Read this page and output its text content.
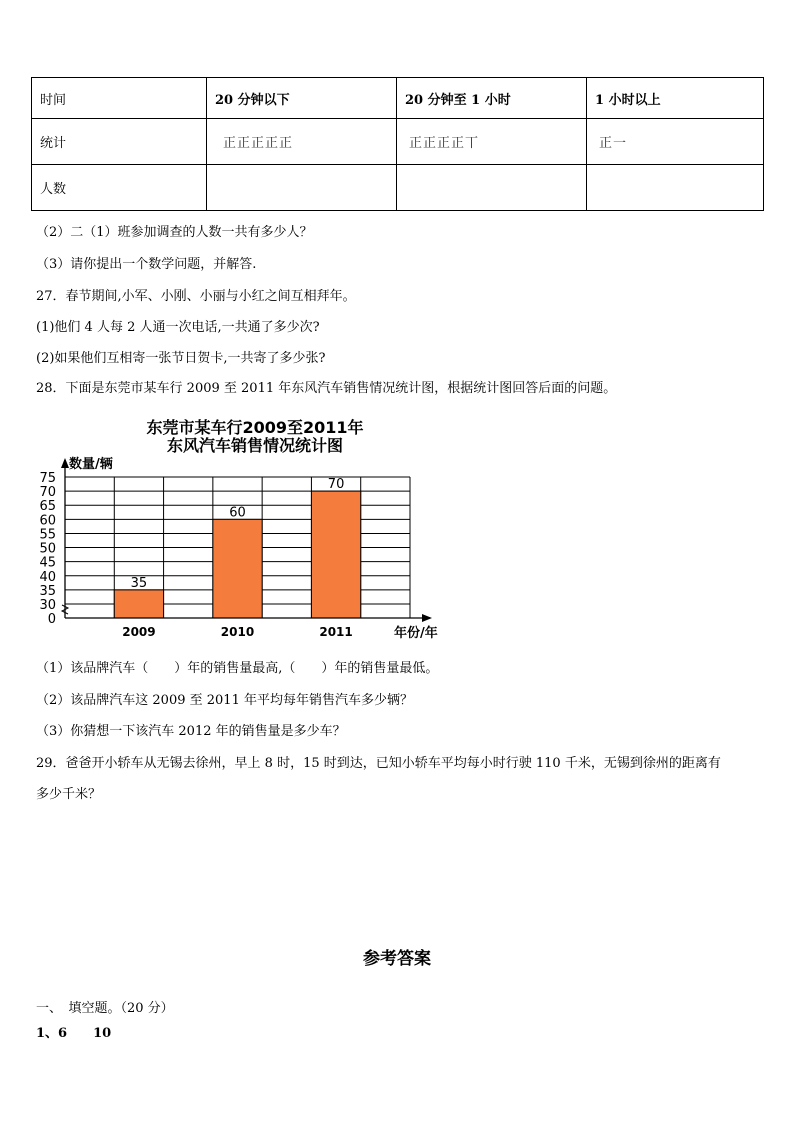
时间	20 分钟以下	20 分钟至 1 小时	1 小时以上
统计	正正正正正	正正正正丅	正一
人数			
（2）二（1）班参加调查的人数一共有多少人？
（3）请你提出一个数学问题，并解答.
27．春节期间,小军、小刚、小丽与小红之间互相拜年。
(1)他们 4 人每 2 人通一次电话,一共通了多少次?
(2)如果他们互相寄一张节日贺卡,一共寄了多少张?
28．下面是东莞市某车行 2009 至 2011 年东风汽车销售情况统计图，根据统计图回答后面的问题。
东莞市某车行2009至2011年
东风汽车销售情况统计图
0
30
35
40
45
50
55
60
65
70
75
35
2009
60
2010
70
2011
数量/辆
年份/年
（1）该品牌汽车（　　）年的销售量最高,（　　）年的销售量最低。
（2）该品牌汽车这 2009 至 2011 年平均每年销售汽车多少辆？
（3）你猜想一下该汽车 2012 年的销售量是多少车？
29．爸爸开小轿车从无锡去徐州，早上 8 时，15 时到达，已知小轿车平均每小时行驶 110 千米，无锡到徐州的距离有
多少千米？
参考答案
一、　填空题。（20 分）
1、6　　10
